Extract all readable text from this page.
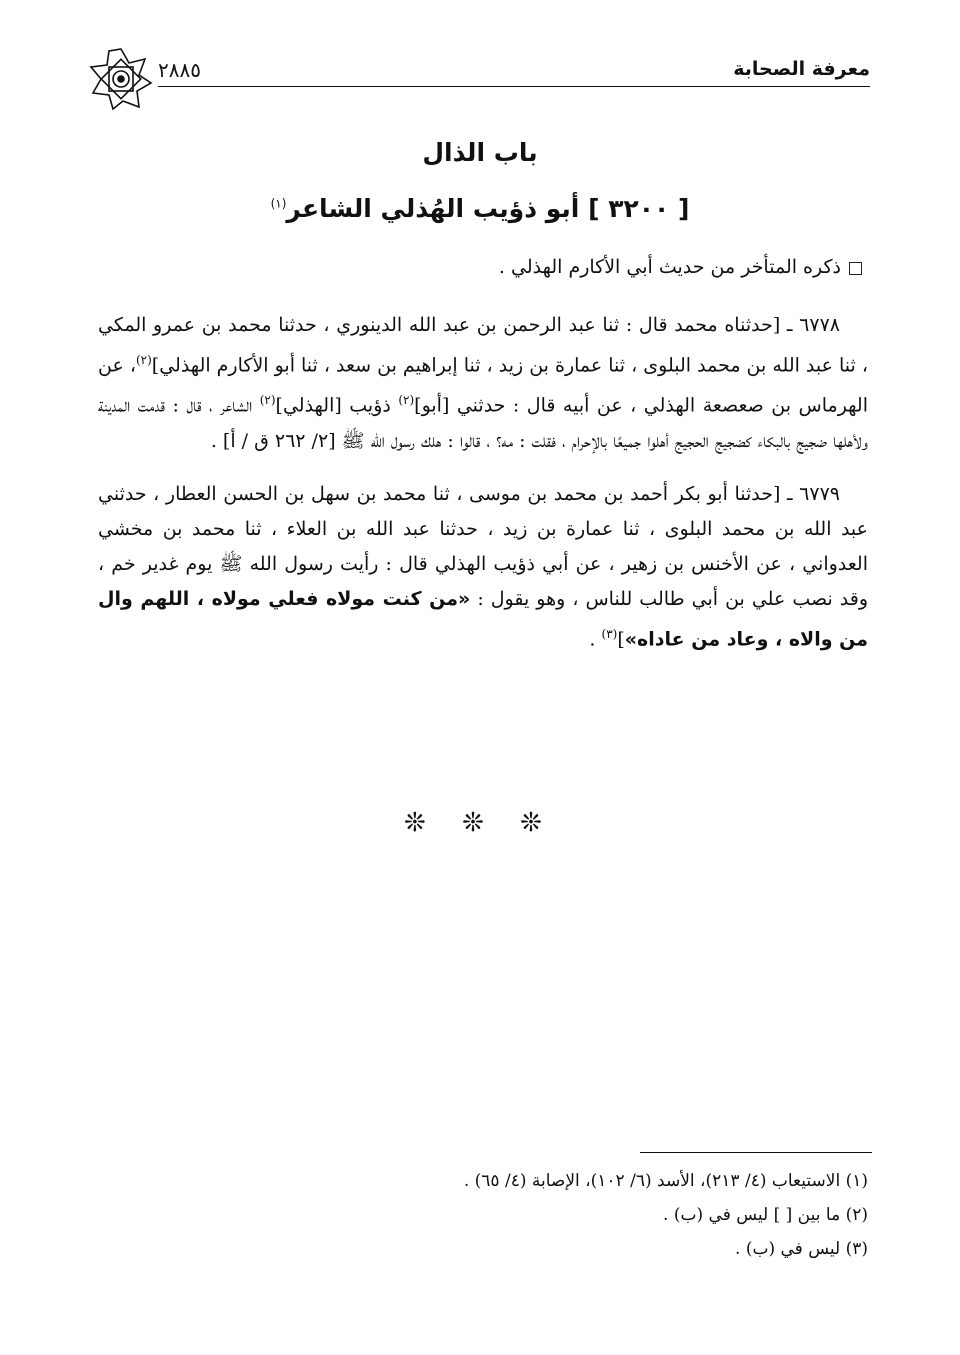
٢٨٨٥	معرفة الصحابة
باب الذال
[ ٣٢٠٠ ] أبو ذؤيب الهُذلي الشاعر$^{(١)}$
ذكره المتأخر من حديث أبي الأكارم الهذلي .

٦٧٧٨ ـ [حدثناه محمد قال : ثنا عبد الرحمن بن عبد الله الدينوري ، حدثنا محمد بن عمرو المكي ، ثنا عبد الله بن محمد البلوى ، ثنا عمارة بن زيد ، ثنا إبراهيم بن سعد ، ثنا أبو الأكارم الهذلي]$^{(٢)}$، عن الهرماس بن صعصعة الهذلي ، عن أبيه قال : حدثني [أبو]$^{(٢)}$ ذؤيب [الهذلي]$^{(٢)}$ الشاعر ، قال : قدمت المدينة ولأهلها ضجيج بالبكاء كضجيج الحجيج أهلوا جميعًا بالإحرام ، فقلت : مه؟ ، قالوا : هلك رسول الله ﷺ [٢/ ٢٦٢ ق / أ] .

٦٧٧٩ ـ [حدثنا أبو بكر أحمد بن محمد بن موسى ، ثنا محمد بن سهل بن الحسن العطار ، حدثني عبد الله بن محمد البلوى ، ثنا عمارة بن زيد ، حدثنا عبد الله بن العلاء ، ثنا محمد بن مخشي العدواني ، عن الأخنس بن زهير ، عن أبي ذؤيب الهذلي قال : رأيت رسول الله ﷺ يوم غدير خم ، وقد نصب علي بن أبي طالب للناس ، وهو يقول : «من كنت مولاه فعلي مولاه ، اللهم وال من والاه ، وعاد من عاداه»]$^{(٣)}$ .

❊ ❊ ❊
(١) الاستيعاب (٤/ ٢١٣)، الأسد (٦/ ١٠٢)، الإصابة (٤/ ٦٥) .
(٢) ما بين [ ] ليس في (ب) .
(٣) ليس في (ب) .
